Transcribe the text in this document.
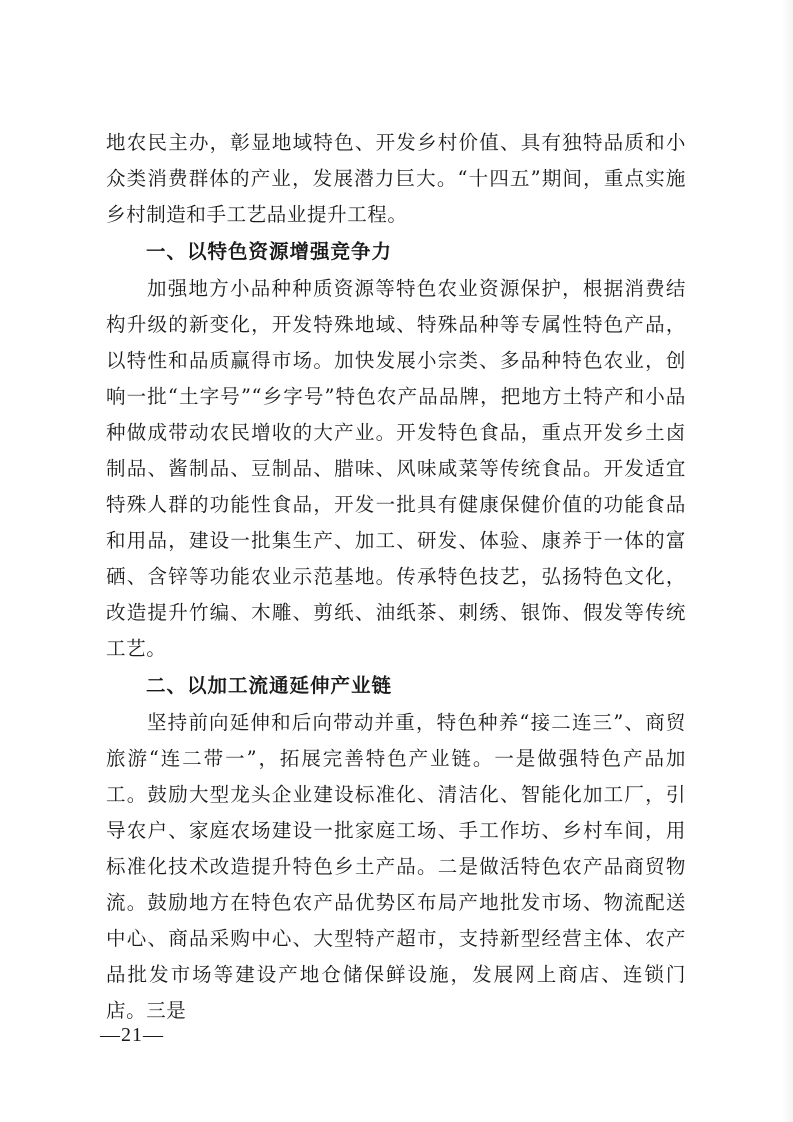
地农民主办，彰显地域特色、开发乡村价值、具有独特品质和小众类消费群体的产业，发展潜力巨大。“十四五”期间，重点实施乡村制造和手工艺品业提升工程。

一、以特色资源增强竞争力

加强地方小品种种质资源等特色农业资源保护，根据消费结构升级的新变化，开发特殊地域、特殊品种等专属性特色产品，以特性和品质赢得市场。加快发展小宗类、多品种特色农业，创响一批“土字号”“乡字号”特色农产品品牌，把地方土特产和小品种做成带动农民增收的大产业。开发特色食品，重点开发乡土卤制品、酱制品、豆制品、腊味、风味咸菜等传统食品。开发适宜特殊人群的功能性食品，开发一批具有健康保健价值的功能食品和用品，建设一批集生产、加工、研发、体验、康养于一体的富硒、含锌等功能农业示范基地。传承特色技艺，弘扬特色文化，改造提升竹编、木雕、剪纸、油纸茶、刺绣、银饰、假发等传统工艺。

二、以加工流通延伸产业链

坚持前向延伸和后向带动并重，特色种养“接二连三”、商贸旅游“连二带一”，拓展完善特色产业链。一是做强特色产品加工。鼓励大型龙头企业建设标准化、清洁化、智能化加工厂，引导农户、家庭农场建设一批家庭工场、手工作坊、乡村车间，用标准化技术改造提升特色乡土产品。二是做活特色农产品商贸物流。鼓励地方在特色农产品优势区布局产地批发市场、物流配送中心、商品采购中心、大型特产超市，支持新型经营主体、农产品批发市场等建设产地仓储保鲜设施，发展网上商店、连锁门店。三是

—21—
